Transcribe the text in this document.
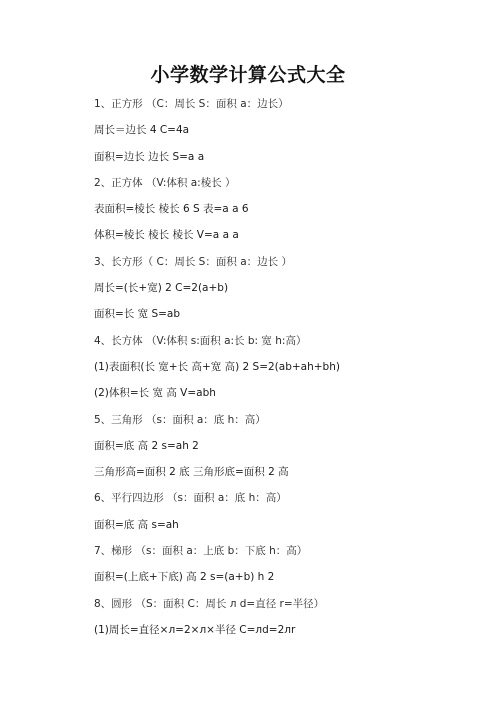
小学数学计算公式大全
1、正方形 （C：周长 S：面积 a：边长）
周长＝边长 4 C=4a
面积=边长 边长 S=a a
2、正方体 （V:体积 a:棱长 ）
表面积=棱长 棱长 6 S 表=a a 6
体积=棱长 棱长 棱长 V=a a a
3、长方形（ C：周长 S：面积 a：边长 ）
周长=(长+宽) 2 C=2(a+b)
面积=长 宽 S=ab
4、长方体 （V:体积 s:面积 a:长 b: 宽 h:高）
(1)表面积(长 宽+长 高+宽 高) 2 S=2(ab+ah+bh)
(2)体积=长 宽 高 V=abh
5、三角形 （s：面积 a：底 h：高）
面积=底 高 2 s=ah 2
三角形高=面积 2 底 三角形底=面积 2 高
6、平行四边形 （s：面积 a：底 h：高）
面积=底 高 s=ah
7、梯形 （s：面积 a：上底 b：下底 h：高）
面积=(上底+下底) 高 2 s=(a+b) h 2
8、圆形 （S：面积 C：周长 л d=直径 r=半径）
(1)周长=直径×л=2×л×半径 C=лd=2лr
